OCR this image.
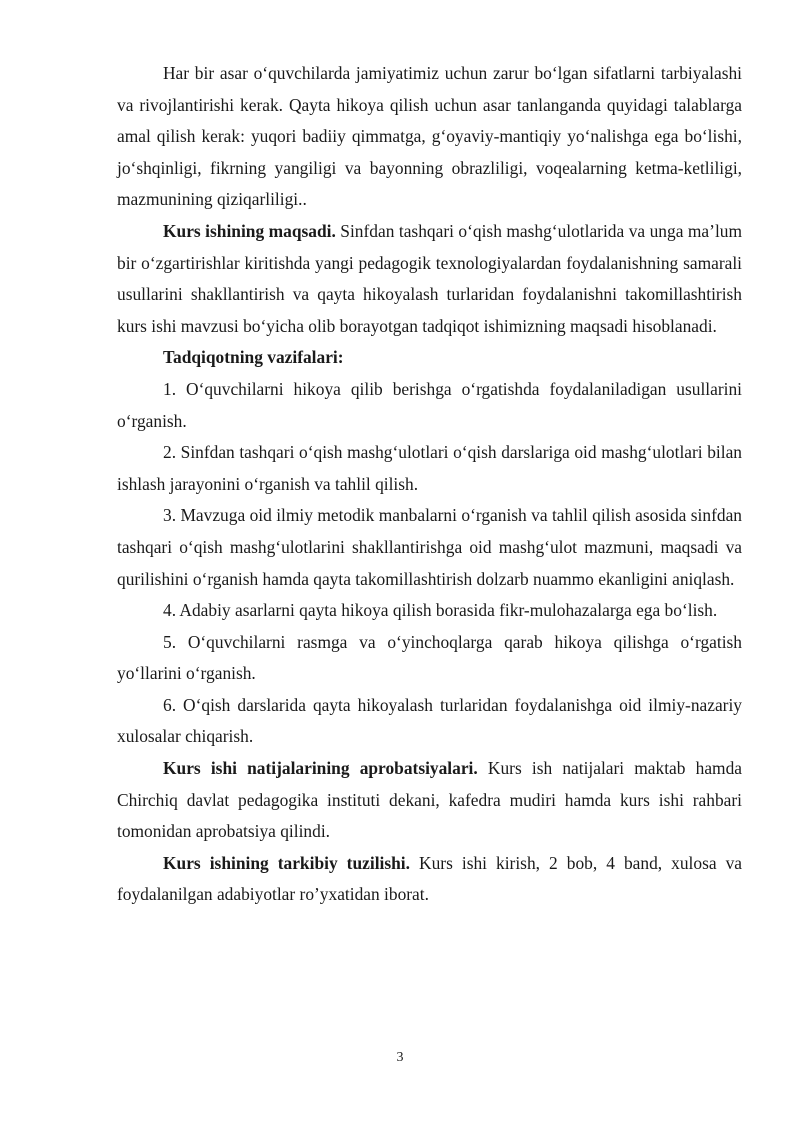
Har bir asar o‘quvchilarda jamiyatimiz uchun zarur bo‘lgan sifatlarni tarbiyalashi va rivojlantirishi kerak. Qayta hikoya qilish uchun asar tanlanganda quyidagi talablarga amal qilish kerak: yuqori badiiy qimmatga, g‘oyaviy-mantiqiy yo‘nalishga ega bo‘lishi, jo‘shqinligi, fikrning yangiligi va bayonning obrazliligi, voqealarning ketma-ketliligi, mazmunining qiziqarliligi..

Kurs ishining maqsadi. Sinfdan tashqari o‘qish mashg‘ulotlarida va unga ma’lum bir o‘zgartirishlar kiritishda yangi pedagogik texnologiyalardan foydalanishning samarali usullarini shakllantirish va qayta hikoyalash turlaridan foydalanishni takomillashtirish kurs ishi mavzusi bo‘yicha olib borayotgan tadqiqot ishimizning maqsadi hisoblanadi.

Tadqiqotning vazifalari:

1. O‘quvchilarni hikoya qilib berishga o‘rgatishda foydalaniladigan usullarini o‘rganish.

2. Sinfdan tashqari o‘qish mashg‘ulotlari o‘qish darslariga oid mashg‘ulotlari bilan ishlash jarayonini o‘rganish va tahlil qilish.

3. Mavzuga oid ilmiy metodik manbalarni o‘rganish va tahlil qilish asosida sinfdan tashqari o‘qish mashg‘ulotlarini shakllantirishga oid mashg‘ulot mazmuni, maqsadi va qurilishini o‘rganish hamda qayta takomillashtirish dolzarb nuammo ekanligini aniqlash.

4. Adabiy asarlarni qayta hikoya qilish borasida fikr-mulohazalarga ega bo‘lish.

5. O‘quvchilarni rasmga va o‘yinchoqlarga qarab hikoya qilishga o‘rgatish yo‘llarini o‘rganish.

6. O‘qish darslarida qayta hikoyalash turlaridan foydalanishga oid ilmiy-nazariy xulosalar chiqarish.

Kurs ishi natijalarining aprobatsiyalari. Kurs ish natijalari maktab hamda Chirchiq davlat pedagogika instituti dekani, kafedra mudiri hamda kurs ishi rahbari tomonidan aprobatsiya qilindi.

Kurs ishining tarkibiy tuzilishi. Kurs ishi kirish, 2 bob, 4 band, xulosa va foydalanilgan adabiyotlar ro’yxatidan iborat.

3
